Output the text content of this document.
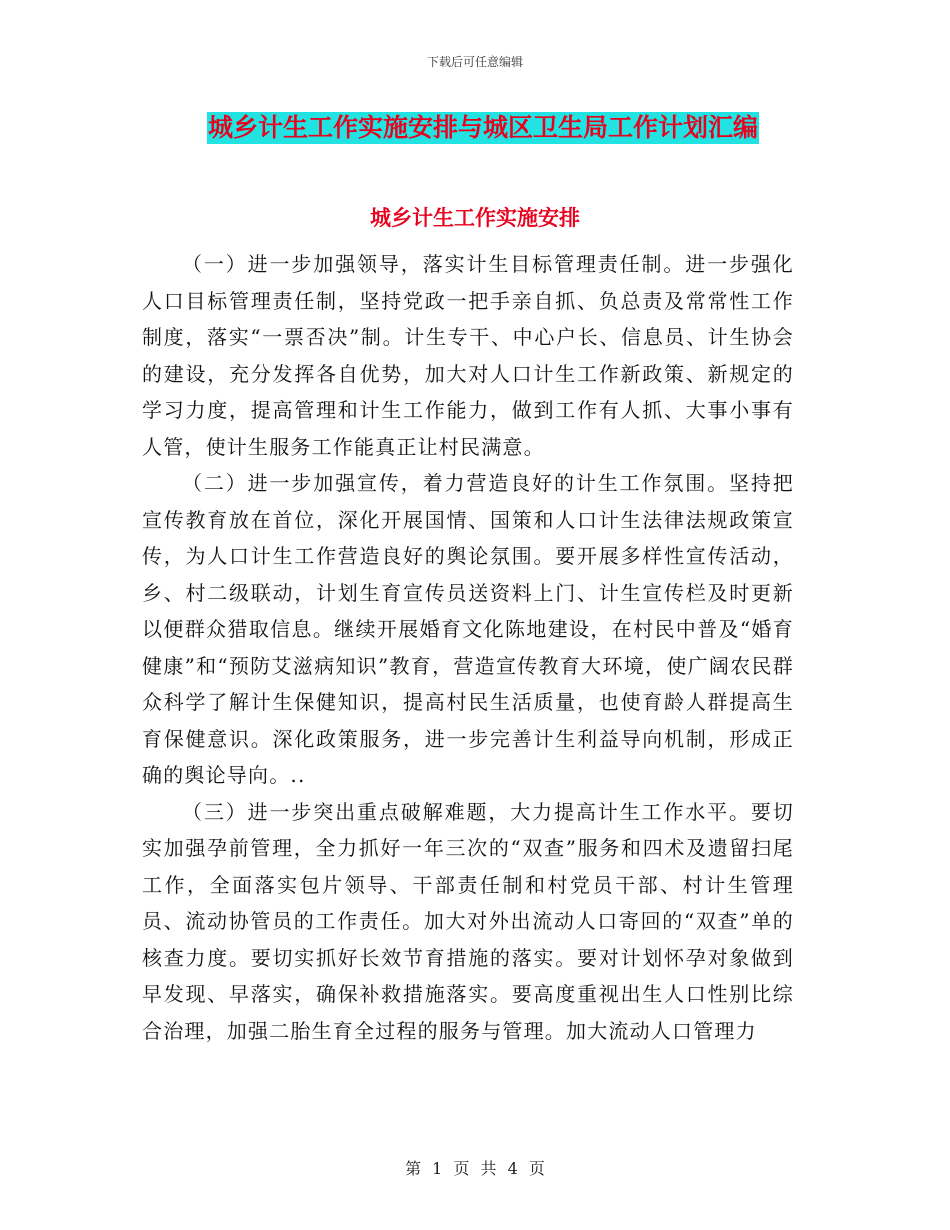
下载后可任意编辑
城乡计生工作实施安排与城区卫生局工作计划汇编
城乡计生工作实施安排

（一）进一步加强领导，落实计生目标管理责任制。进一步强化人口目标管理责任制，坚持党政一把手亲自抓、负总责及常常性工作制度，落实“一票否决”制。计生专干、中心户长、信息员、计生协会的建设，充分发挥各自优势，加大对人口计生工作新政策、新规定的学习力度，提高管理和计生工作能力，做到工作有人抓、大事小事有人管，使计生服务工作能真正让村民满意。

（二）进一步加强宣传，着力营造良好的计生工作氛围。坚持把宣传教育放在首位，深化开展国情、国策和人口计生法律法规政策宣传，为人口计生工作营造良好的舆论氛围。要开展多样性宣传活动，乡、村二级联动，计划生育宣传员送资料上门、计生宣传栏及时更新以便群众猎取信息。继续开展婚育文化陈地建设，在村民中普及“婚育健康”和“预防艾滋病知识”教育，营造宣传教育大环境，使广阔农民群众科学了解计生保健知识，提高村民生活质量，也使育龄人群提高生育保健意识。深化政策服务，进一步完善计生利益导向机制，形成正确的舆论导向。..

（三）进一步突出重点破解难题，大力提高计生工作水平。要切实加强孕前管理，全力抓好一年三次的“双查”服务和四术及遗留扫尾工作，全面落实包片领导、干部责任制和村党员干部、村计生管理员、流动协管员的工作责任。加大对外出流动人口寄回的“双查”单的核查力度。要切实抓好长效节育措施的落实。要对计划怀孕对象做到早发现、早落实，确保补救措施落实。要高度重视出生人口性别比综合治理，加强二胎生育全过程的服务与管理。加大流动人口管理力

第 1 页 共 4 页
